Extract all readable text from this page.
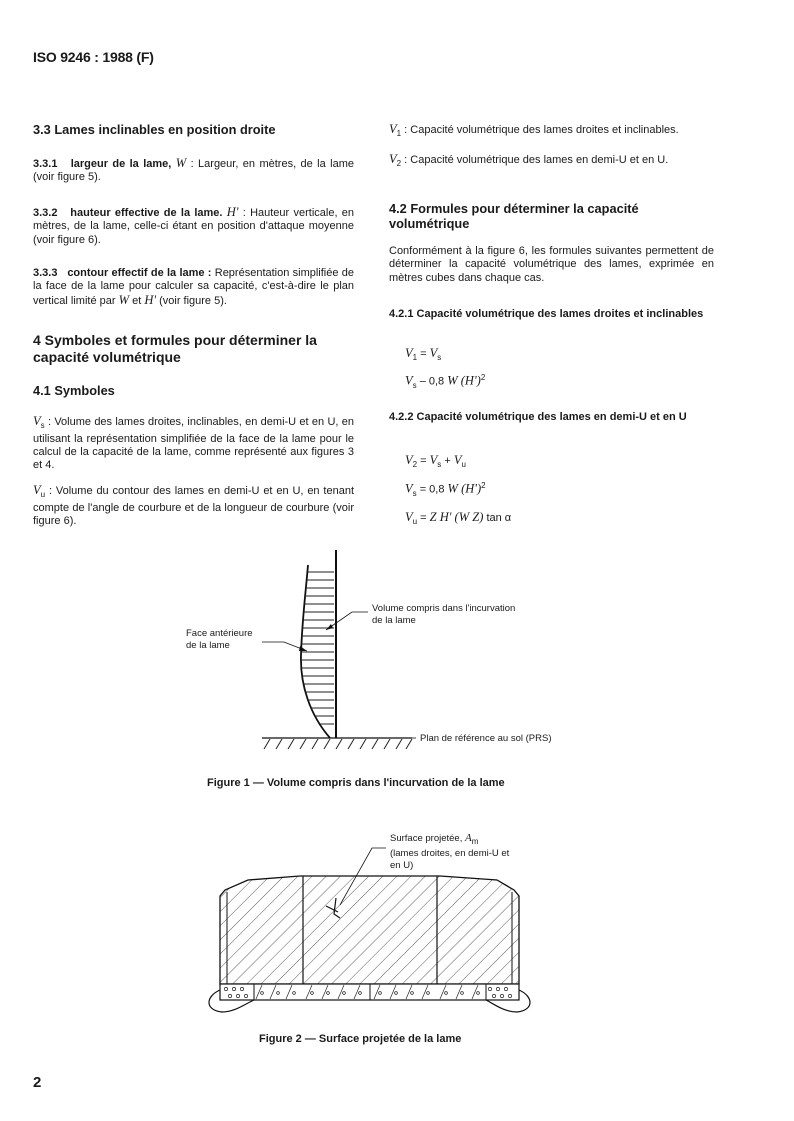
ISO 9246 : 1988 (F)
3.3 Lames inclinables en position droite
3.3.1 largeur de la lame, W : Largeur, en mètres, de la lame (voir figure 5).
3.3.2 hauteur effective de la lame. H' : Hauteur verticale, en mètres, de la lame, celle-ci étant en position d'attaque moyenne (voir figure 6).
3.3.3 contour effectif de la lame : Représentation simplifiée de la face de la lame pour calculer sa capacité, c'est-à-dire le plan vertical limité par W et H' (voir figure 5).
4 Symboles et formules pour déterminer la
capacité volumétrique
4.1 Symboles
$V_s$ : Volume des lames droites, inclinables, en demi-U et en U, en utilisant la représentation simplifiée de la face de la lame pour le calcul de la capacité de la lame, comme représenté aux figures 3 et 4.
$V_u$ : Volume du contour des lames en demi-U et en U, en tenant compte de l'angle de courbure et de la longueur de courbure (voir figure 6).
$V_1$ : Capacité volumétrique des lames droites et inclinables.
$V_2$ : Capacité volumétrique des lames en demi-U et en U.
4.2 Formules pour déterminer la capacité
volumétrique
Conformément à la figure 6, les formules suivantes permettent de déterminer la capacité volumétrique des lames, exprimée en mètres cubes dans chaque cas.
4.2.1 Capacité volumétrique des lames droites et inclinables
$V_1 = V_s$
$V_s - 0,8$ W $(H')^2$
4.2.2 Capacité volumétrique des lames en demi-U et en U
$V_2 = V_s + V_u$
$V_s = 0,8$ W $(H')^2$
$V_u = Z$ H' (W Z) tan α
Volume compris dans l'incurvation
de la lame
Face antérieure
de la lame
Plan de référence au sol (PRS)
Figure 1 — Volume compris dans l'incurvation de la lame
Surface projetée, $A_m$
(lames droites, en demi-U et
en U)
Figure 2 — Surface projetée de la lame
2
